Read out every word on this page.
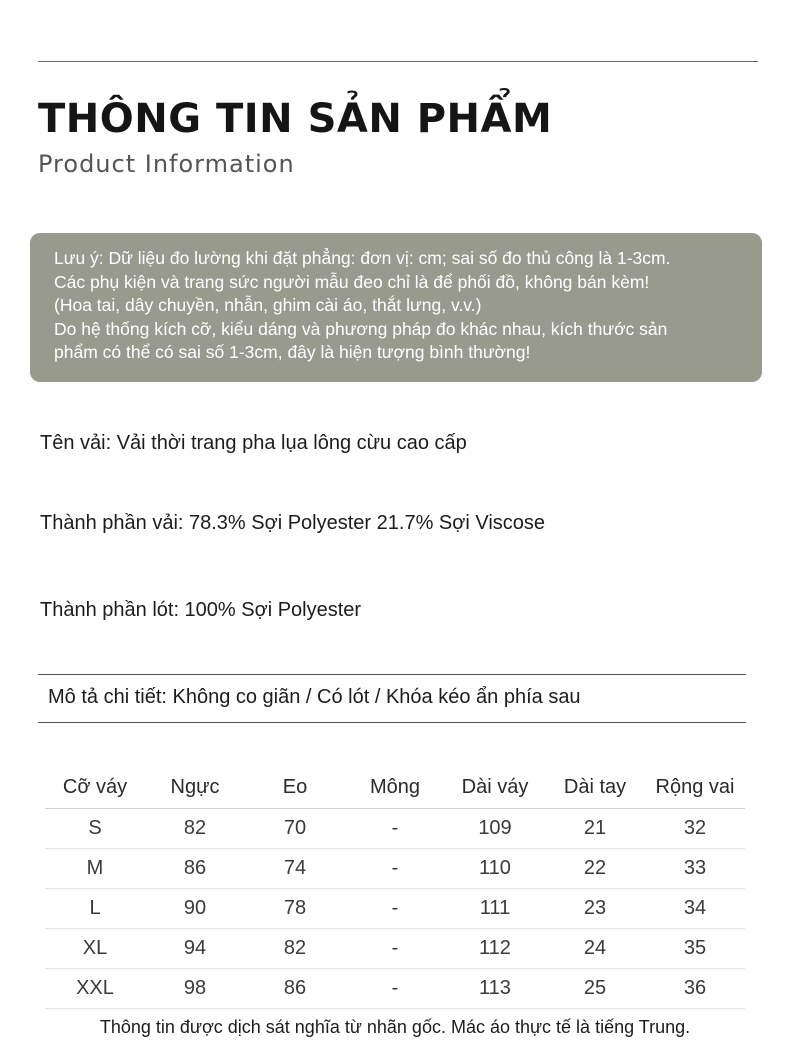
THÔNG TIN SẢN PHẨM
Product Information
Lưu ý: Dữ liệu đo lường khi đặt phẳng: đơn vị: cm; sai số đo thủ công là 1-3cm.
Các phụ kiện và trang sức người mẫu đeo chỉ là để phối đồ, không bán kèm!
(Hoa tai, dây chuyền, nhẫn, ghim cài áo, thắt lưng, v.v.)
Do hệ thống kích cỡ, kiểu dáng và phương pháp đo khác nhau, kích thước sản
phẩm có thể có sai số 1-3cm, đây là hiện tượng bình thường!
Tên vải: Vải thời trang pha lụa lông cừu cao cấp
Thành phần vải: 78.3% Sợi Polyester 21.7% Sợi Viscose
Thành phần lót: 100% Sợi Polyester
Mô tả chi tiết: Không co giãn / Có lót / Khóa kéo ẩn phía sau
Cỡ váy	Ngực	Eo	Mông	Dài váy	Dài tay	Rộng vai
S	82	70	-	109	21	32
M	86	74	-	110	22	33
L	90	78	-	111	23	34
XL	94	82	-	112	24	35
XXL	98	86	-	113	25	36
Thông tin được dịch sát nghĩa từ nhãn gốc. Mác áo thực tế là tiếng Trung.
